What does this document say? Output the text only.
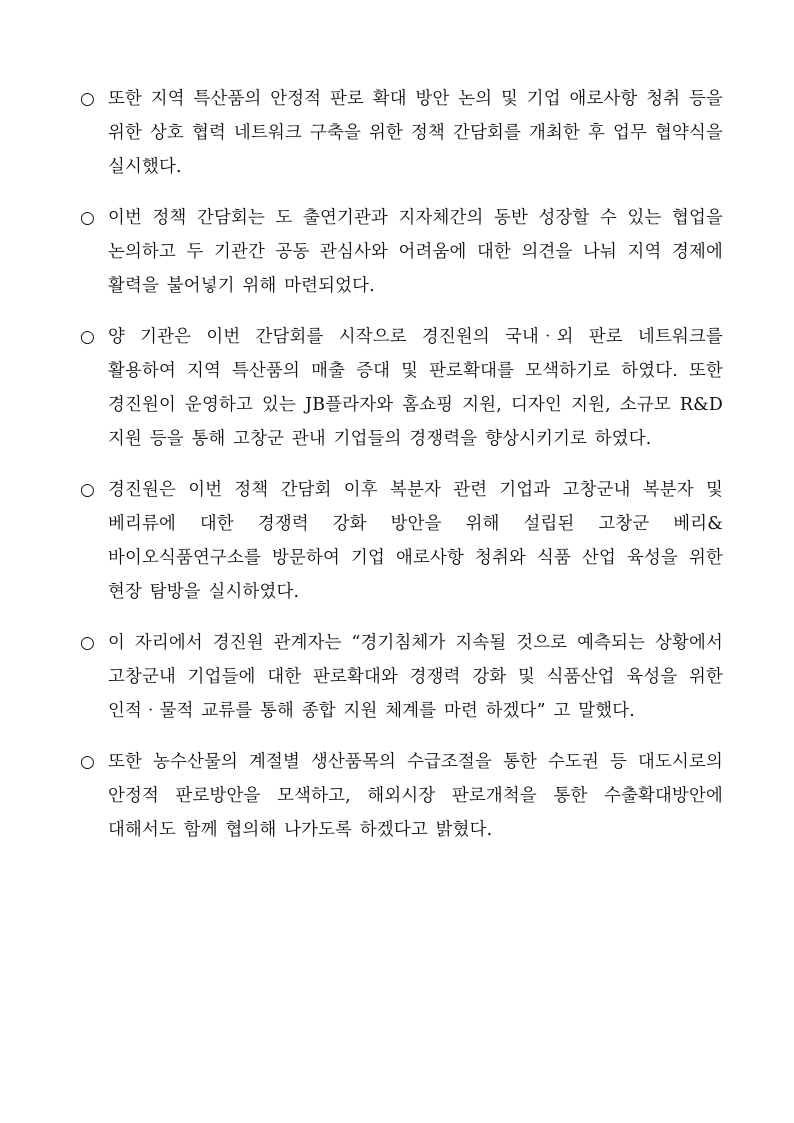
○ 또한 지역 특산품의 안정적 판로 확대 방안 논의 및 기업 애로사항 청취 등을 위한 상호 협력 네트워크 구축을 위한 정책 간담회를 개최한 후 업무 협약식을 실시했다.
○ 이번 정책 간담회는 도 출연기관과 지자체간의 동반 성장할 수 있는 협업을 논의하고 두 기관간 공동 관심사와 어려움에 대한 의견을 나눠 지역 경제에 활력을 불어넣기 위해 마련되었다.
○ 양 기관은 이번 간담회를 시작으로 경진원의 국내‧외 판로 네트워크를 활용하여 지역 특산품의 매출 증대 및 판로확대를 모색하기로 하였다. 또한 경진원이 운영하고 있는 JB플라자와 홈쇼핑 지원, 디자인 지원, 소규모 R&D 지원 등을 통해 고창군 관내 기업들의 경쟁력을 향상시키기로 하였다.
○ 경진원은 이번 정책 간담회 이후 복분자 관련 기업과 고창군내 복분자 및 베리류에 대한 경쟁력 강화 방안을 위해 설립된 고창군 베리&바이오식품연구소를 방문하여 기업 애로사항 청취와 식품 산업 육성을 위한 현장 탐방을 실시하였다.
○ 이 자리에서 경진원 관계자는 “경기침체가 지속될 것으로 예측되는 상황에서 고창군내 기업들에 대한 판로확대와 경쟁력 강화 및 식품산업 육성을 위한 인적‧물적 교류를 통해 종합 지원 체계를 마련 하겠다” 고 말했다.
○ 또한 농수산물의 계절별 생산품목의 수급조절을 통한 수도권 등 대도시로의 안정적 판로방안을 모색하고, 해외시장 판로개척을 통한 수출확대방안에 대해서도 함께 협의해 나가도록 하겠다고 밝혔다.
